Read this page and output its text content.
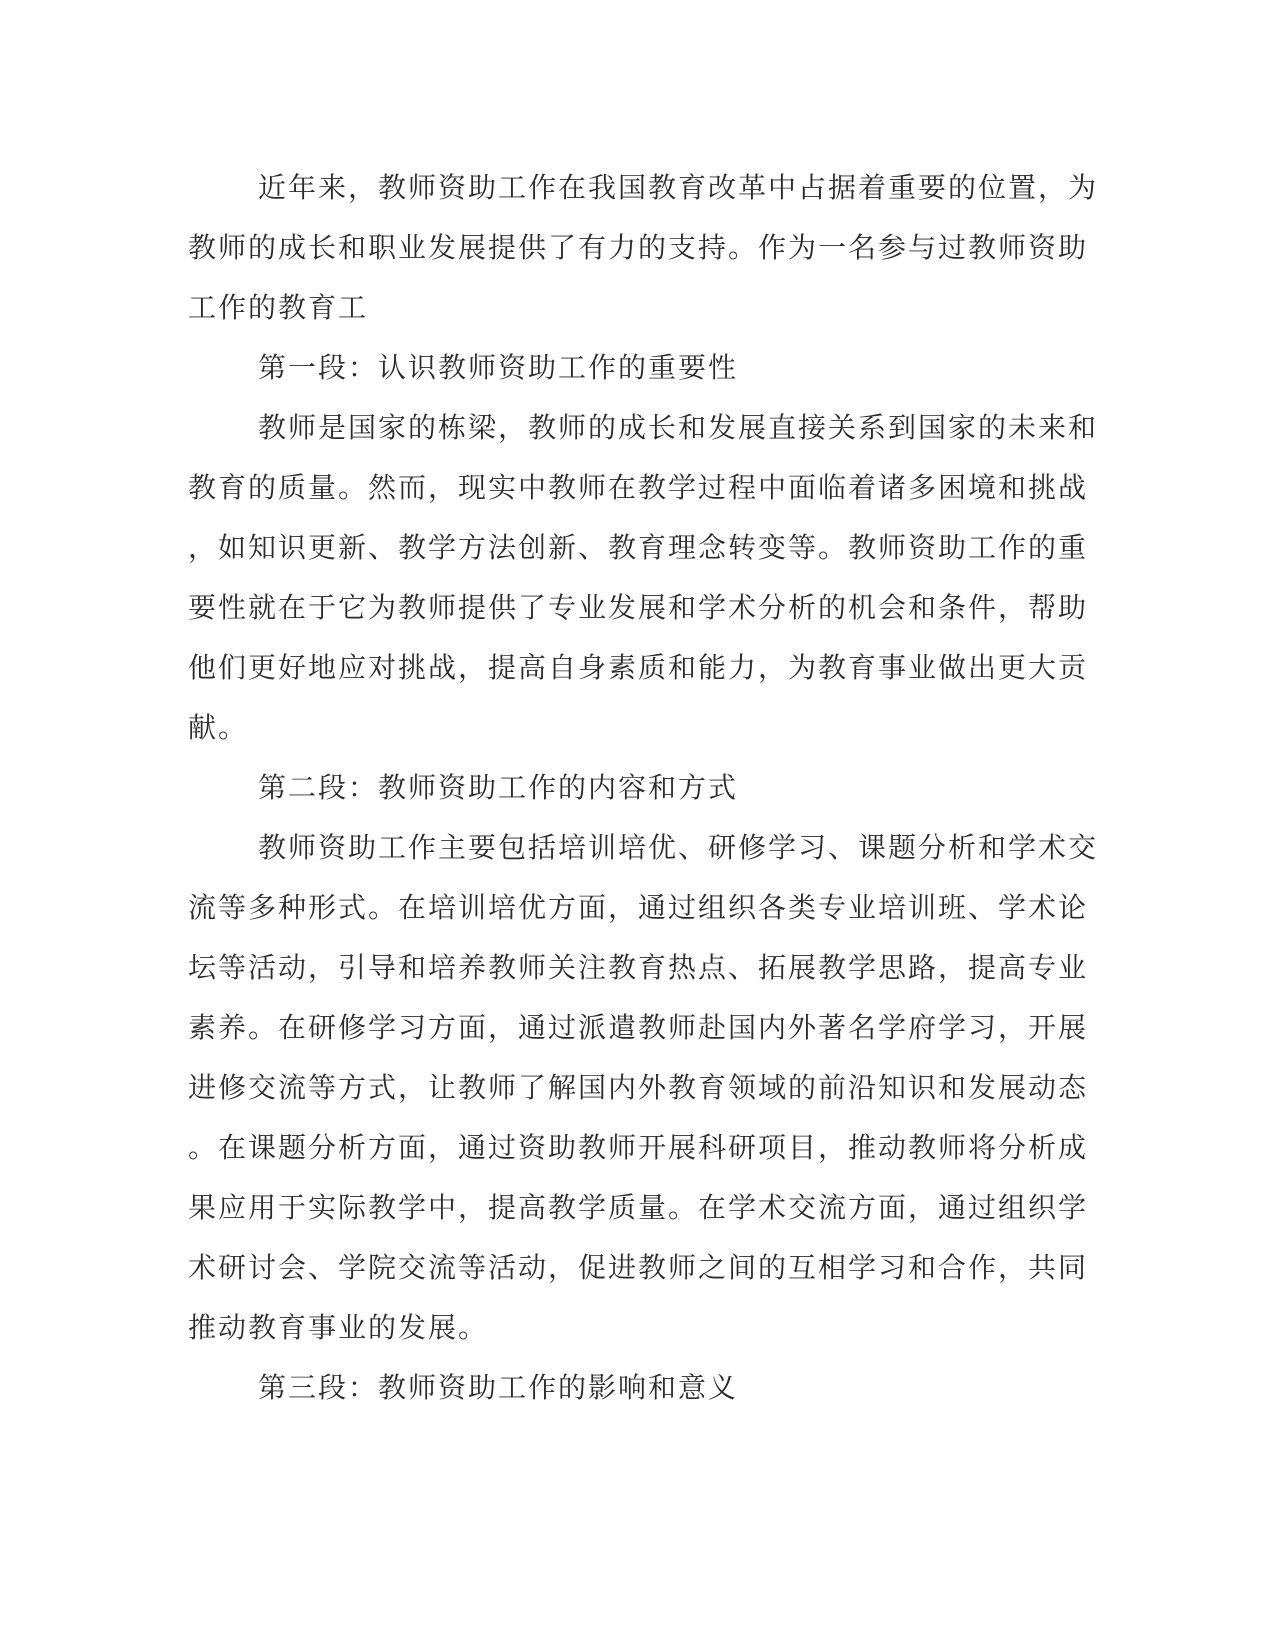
近年来，教师资助工作在我国教育改革中占据着重要的位置，为
教师的成长和职业发展提供了有力的支持。作为一名参与过教师资助
工作的教育工
第一段：认识教师资助工作的重要性
教师是国家的栋梁，教师的成长和发展直接关系到国家的未来和
教育的质量。然而，现实中教师在教学过程中面临着诸多困境和挑战
，如知识更新、教学方法创新、教育理念转变等。教师资助工作的重
要性就在于它为教师提供了专业发展和学术分析的机会和条件，帮助
他们更好地应对挑战，提高自身素质和能力，为教育事业做出更大贡
献。
第二段：教师资助工作的内容和方式
教师资助工作主要包括培训培优、研修学习、课题分析和学术交
流等多种形式。在培训培优方面，通过组织各类专业培训班、学术论
坛等活动，引导和培养教师关注教育热点、拓展教学思路，提高专业
素养。在研修学习方面，通过派遣教师赴国内外著名学府学习，开展
进修交流等方式，让教师了解国内外教育领域的前沿知识和发展动态
。在课题分析方面，通过资助教师开展科研项目，推动教师将分析成
果应用于实际教学中，提高教学质量。在学术交流方面，通过组织学
术研讨会、学院交流等活动，促进教师之间的互相学习和合作，共同
推动教育事业的发展。
第三段：教师资助工作的影响和意义
